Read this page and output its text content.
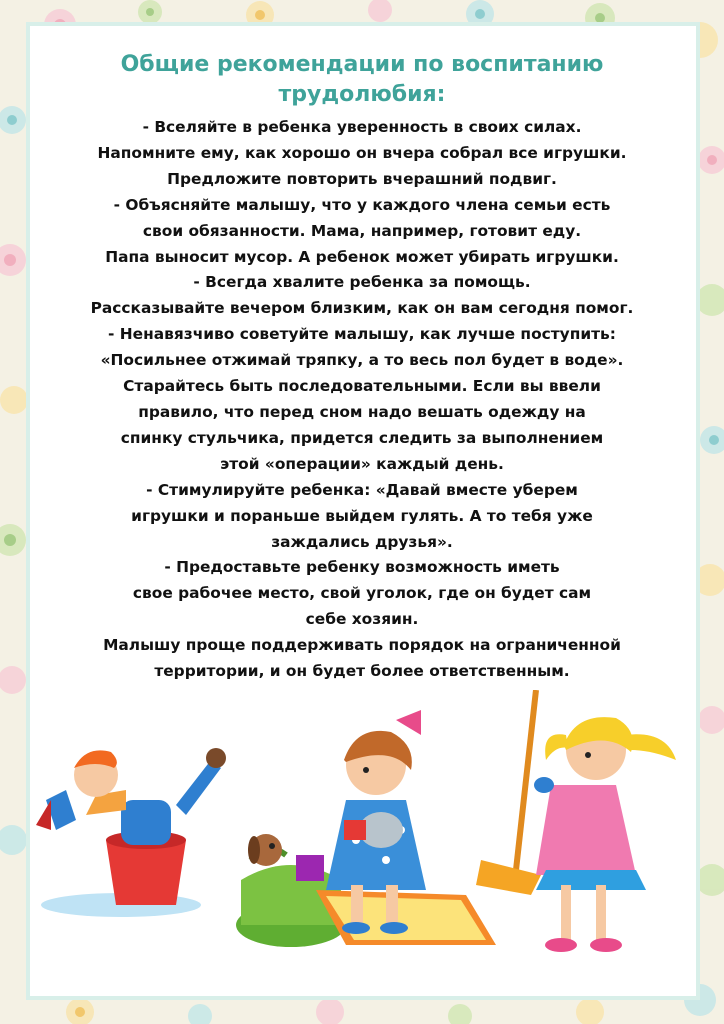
Общие рекомендации по воспитанию
трудолюбия:
- Вселяйте в ребенка уверенность в своих силах.
Напомните ему, как хорошо он вчера собрал все игрушки.
Предложите повторить вчерашний подвиг.
- Объясняйте малышу, что у каждого члена семьи есть
свои обязанности. Мама, например, готовит еду.
Папа выносит мусор. А ребенок может убирать игрушки.
- Всегда хвалите ребенка за помощь.
Рассказывайте вечером близким, как он вам сегодня помог.
- Ненавязчиво советуйте малышу, как лучше поступить:
«Посильнее отжимай тряпку, а то весь пол будет в воде».
Старайтесь быть последовательными. Если вы ввели
правило, что перед сном надо вешать одежду на
спинку стульчика, придется следить за выполнением
этой «операции» каждый день.
- Стимулируйте ребенка: «Давай вместе уберем
игрушки и пораньше выйдем гулять. А то тебя уже
заждались друзья».
- Предоставьте ребенку возможность иметь
свое рабочее место, свой уголок, где он будет сам
себе хозяин.
Малышу проще поддерживать порядок на ограниченной
территории, и он будет более ответственным.
